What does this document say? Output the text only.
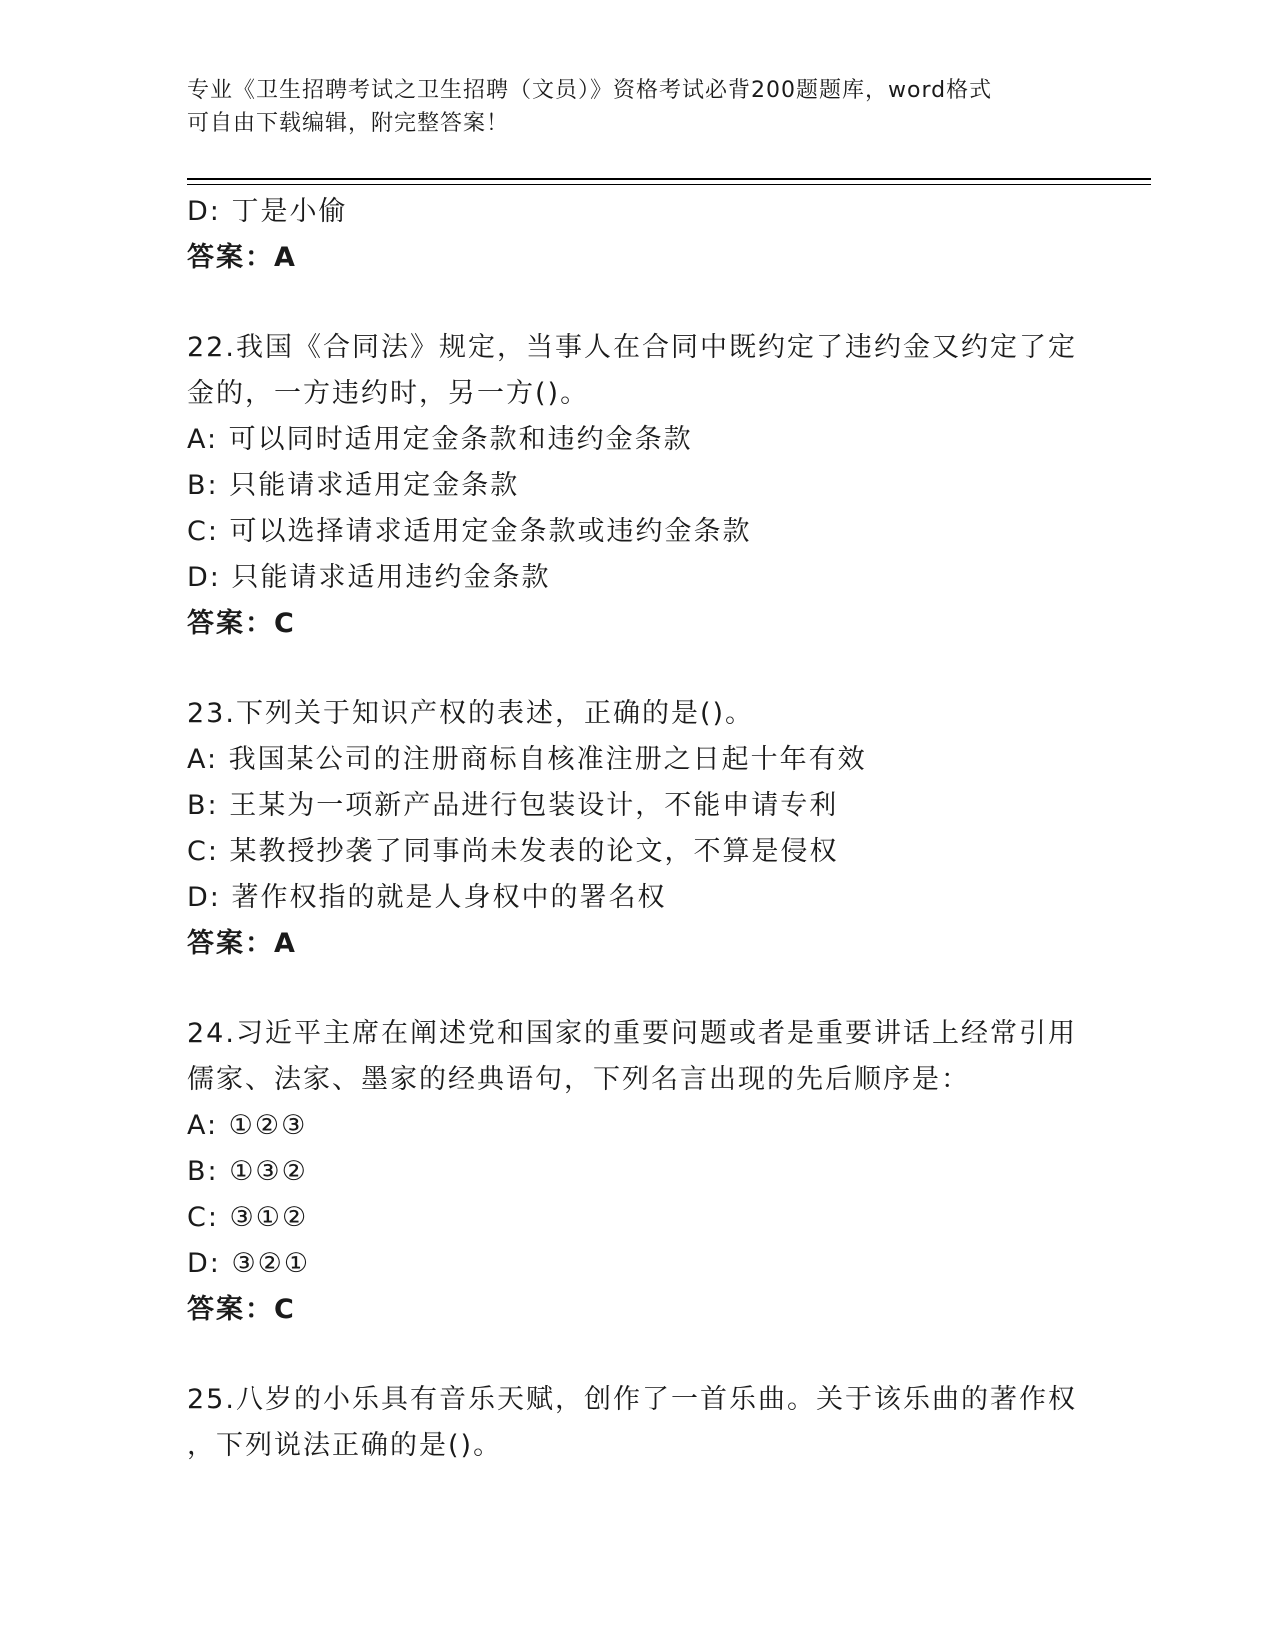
专业《卫生招聘考试之卫生招聘（文员）》资格考试必背200题题库，word格式
可自由下载编辑，附完整答案！
D: 丁是小偷
答案：A
22.我国《合同法》规定，当事人在合同中既约定了违约金又约定了定
金的，一方违约时，另一方()。
A: 可以同时适用定金条款和违约金条款
B: 只能请求适用定金条款
C: 可以选择请求适用定金条款或违约金条款
D: 只能请求适用违约金条款
答案：C
23.下列关于知识产权的表述，正确的是()。
A: 我国某公司的注册商标自核准注册之日起十年有效
B: 王某为一项新产品进行包装设计，不能申请专利
C: 某教授抄袭了同事尚未发表的论文，不算是侵权
D: 著作权指的就是人身权中的署名权
答案：A
24.习近平主席在阐述党和国家的重要问题或者是重要讲话上经常引用
儒家、法家、墨家的经典语句，下列名言出现的先后顺序是：
A: ①②③
B: ①③②
C: ③①②
D: ③②①
答案：C
25.八岁的小乐具有音乐天赋，创作了一首乐曲。关于该乐曲的著作权
，下列说法正确的是()。
